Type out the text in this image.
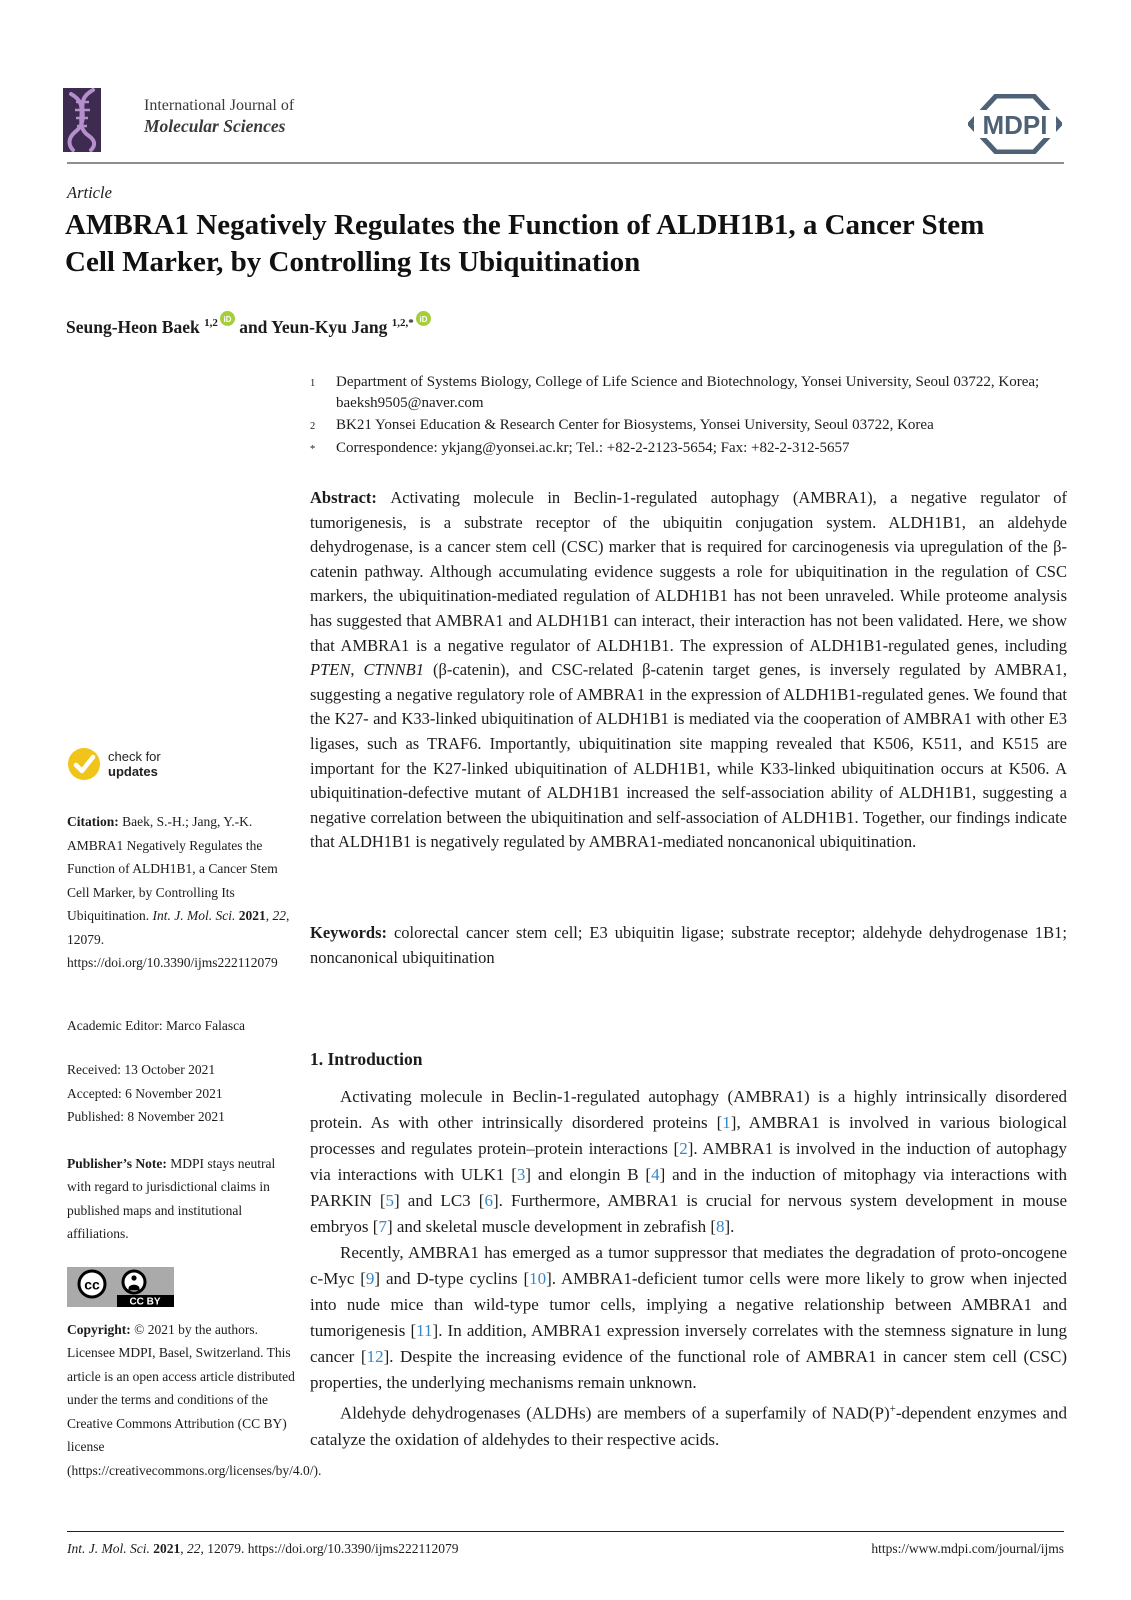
International Journal of
Molecular Sciences	MDPI
Article
AMBRA1 Negatively Regulates the Function of ALDH1B1, a Cancer Stem Cell Marker, by Controlling Its Ubiquitination
Seung-Heon Baek $^{1,2}$ iD and Yeun-Kyu Jang $^{1,2,*}$ iD
1	Department of Systems Biology, College of Life Science and Biotechnology, Yonsei University, Seoul 03722, Korea; baeksh9505@naver.com
2	BK21 Yonsei Education & Research Center for Biosystems, Yonsei University, Seoul 03722, Korea
*	Correspondence: ykjang@yonsei.ac.kr; Tel.: +82-2-2123-5654; Fax: +82-2-312-5657
Abstract: Activating molecule in Beclin-1-regulated autophagy (AMBRA1), a negative regulator of tumorigenesis, is a substrate receptor of the ubiquitin conjugation system. ALDH1B1, an aldehyde dehydrogenase, is a cancer stem cell (CSC) marker that is required for carcinogenesis via upregulation of the β-catenin pathway. Although accumulating evidence suggests a role for ubiquitination in the regulation of CSC markers, the ubiquitination-mediated regulation of ALDH1B1 has not been unraveled. While proteome analysis has suggested that AMBRA1 and ALDH1B1 can interact, their interaction has not been validated. Here, we show that AMBRA1 is a negative regulator of ALDH1B1. The expression of ALDH1B1-regulated genes, including PTEN, CTNNB1 (β-catenin), and CSC-related β-catenin target genes, is inversely regulated by AMBRA1, suggesting a negative regulatory role of AMBRA1 in the expression of ALDH1B1-regulated genes. We found that the K27- and K33-linked ubiquitination of ALDH1B1 is mediated via the cooperation of AMBRA1 with other E3 ligases, such as TRAF6. Importantly, ubiquitination site mapping revealed that K506, K511, and K515 are important for the K27-linked ubiquitination of ALDH1B1, while K33-linked ubiquitination occurs at K506. A ubiquitination-defective mutant of ALDH1B1 increased the self-association ability of ALDH1B1, suggesting a negative correlation between the ubiquitination and self-association of ALDH1B1. Together, our findings indicate that ALDH1B1 is negatively regulated by AMBRA1-mediated noncanonical ubiquitination.
Keywords: colorectal cancer stem cell; E3 ubiquitin ligase; substrate receptor; aldehyde dehydrogenase 1B1; noncanonical ubiquitination
check for
updates
Citation: Baek, S.-H.; Jang, Y.-K. AMBRA1 Negatively Regulates the Function of ALDH1B1, a Cancer Stem Cell Marker, by Controlling Its Ubiquitination. Int. J. Mol. Sci. 2021, 22, 12079. https://doi.org/10.3390/ijms222112079
Academic Editor: Marco Falasca
Received: 13 October 2021
Accepted: 6 November 2021
Published: 8 November 2021
Publisher’s Note: MDPI stays neutral with regard to jurisdictional claims in published maps and institutional affiliations.
cc
CC BY
Copyright: © 2021 by the authors. Licensee MDPI, Basel, Switzerland. This article is an open access article distributed under the terms and conditions of the Creative Commons Attribution (CC BY) license (https://creativecommons.org/licenses/by/4.0/).
1. Introduction

Activating molecule in Beclin-1-regulated autophagy (AMBRA1) is a highly intrinsically disordered protein. As with other intrinsically disordered proteins [1], AMBRA1 is involved in various biological processes and regulates protein–protein interactions [2]. AMBRA1 is involved in the induction of autophagy via interactions with ULK1 [3] and elongin B [4] and in the induction of mitophagy via interactions with PARKIN [5] and LC3 [6]. Furthermore, AMBRA1 is crucial for nervous system development in mouse embryos [7] and skeletal muscle development in zebrafish [8].

Recently, AMBRA1 has emerged as a tumor suppressor that mediates the degradation of proto-oncogene c-Myc [9] and D-type cyclins [10]. AMBRA1-deficient tumor cells were more likely to grow when injected into nude mice than wild-type tumor cells, implying a negative relationship between AMBRA1 and tumorigenesis [11]. In addition, AMBRA1 expression inversely correlates with the stemness signature in lung cancer [12]. Despite the increasing evidence of the functional role of AMBRA1 in cancer stem cell (CSC) properties, the underlying mechanisms remain unknown.

Aldehyde dehydrogenases (ALDHs) are members of a superfamily of NAD(P)+-dependent enzymes and catalyze the oxidation of aldehydes to their respective acids.

Int. J. Mol. Sci. 2021, 22, 12079. https://doi.org/10.3390/ijms222112079	https://www.mdpi.com/journal/ijms
